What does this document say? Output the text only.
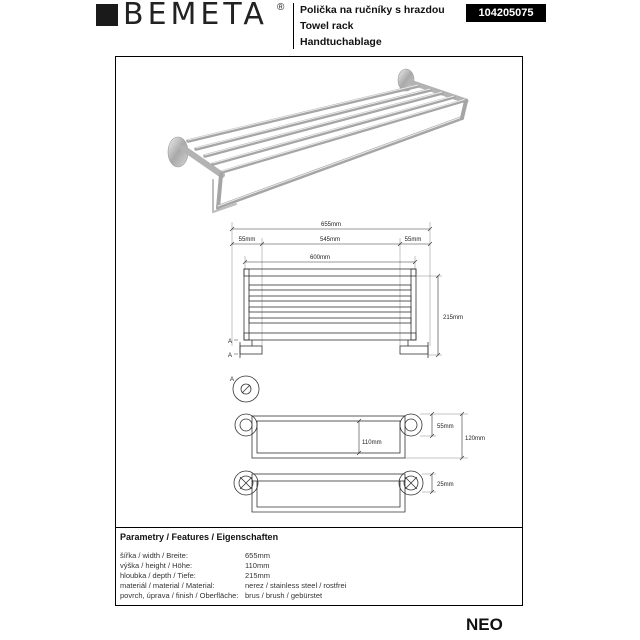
BEMETA ® Polička na ručníky s hrazdou
Towel rack
Handtuchablage
104205075
655mm
55mm	545mm	55mm
600mm
215mm
A
A
A
110mm
55mm
120mm
25mm
Parametry / Features / Eigenschaften
šířka / width / Breite:	655mm
výška / height / Höhe:	110mm
hloubka / depth / Tiefe:	215mm
materiál / material / Material:	nerez / stainless steel / rostfrei
povrch, úprava / finish / Oberfläche: brus / brush / gebürstet
NEO
